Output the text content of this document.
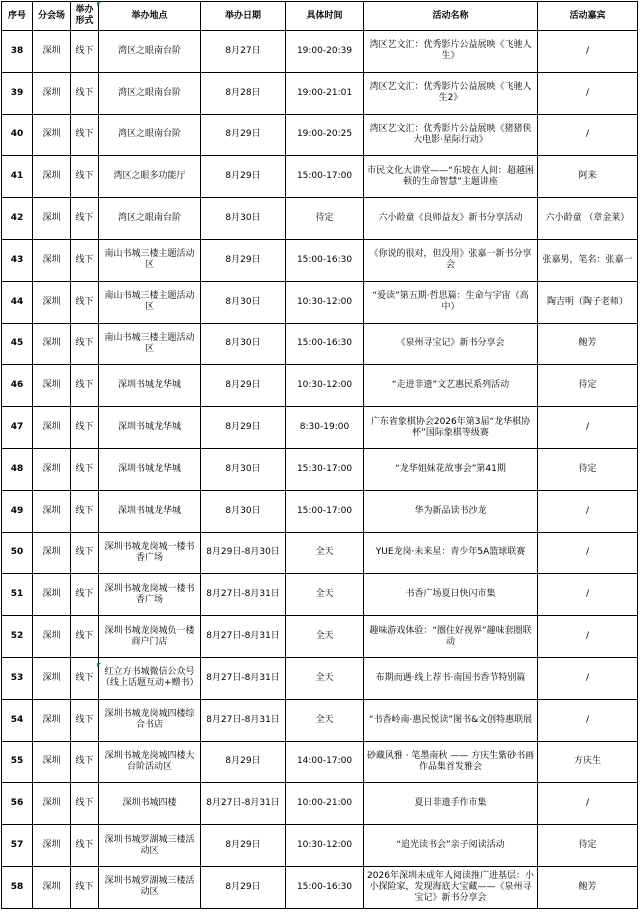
序号	分会场	举办形式	举办地点	举办日期	具体时间	活动名称	活动嘉宾
38	深圳	线下	湾区之眼南台阶	8月27日	19:00-20:39	湾区艺文汇：优秀影片公益展映《飞驰人生》	/
39	深圳	线下	湾区之眼南台阶	8月28日	19:00-21:01	湾区艺文汇：优秀影片公益展映《飞驰人生2》	/
40	深圳	线下	湾区之眼南台阶	8月29日	19:00-20:25	湾区艺文汇：优秀影片公益展映《猪猪侠大电影·星际行动》	/
41	深圳	线下	湾区之眼多功能厅	8月29日	15:00-17:00	市民文化大讲堂——“东坡在人间：超越困顿的生命智慧”主题讲座	阿来
42	深圳	线下	湾区之眼南台阶	8月30日	待定	六小龄童《良师益友》新书分享活动	六小龄童 （章金莱）
43	深圳	线下	南山书城三楼主题活动区	8月29日	15:00-16:30	《你说的很对，但没用》张嘉一新书分享会	张嘉男，笔名：张嘉一
44	深圳	线下	南山书城三楼主题活动区	8月30日	10:30-12:00	“爱读”第五期·哲思篇：生命与宇宙（高中）	陶吉明（陶子老师）
45	深圳	线下	南山书城三楼主题活动区	8月30日	15:00-16:30	《泉州寻宝记》新书分享会	鲍芳
46	深圳	线下	深圳书城龙华城	8月29日	10:30-12:00	“走进非遗”文艺惠民系列活动	待定
47	深圳	线下	深圳书城龙华城	8月29日	8:30-19:00	广东省象棋协会2026年第3届“龙华棋协杯”国际象棋等级赛	/
48	深圳	线下	深圳书城龙华城	8月30日	15:30-17:00	“龙华姐妹花故事会”第41期	待定
49	深圳	线下	深圳书城龙华城	8月30日	15:00-17:00	华为新品读书沙龙	/
50	深圳	线下	深圳书城龙岗城一楼书香广场	8月29日-8月30日	全天	YUE龙岗·未来星：青少年5A篮球联赛	/
51	深圳	线下	深圳书城龙岗城一楼书香广场	8月27日-8月31日	全天	书香广场夏日快闪市集	/
52	深圳	线下	深圳书城龙岗城负一楼商户门店	8月27日-8月31日	全天	趣味游戏体验：“圈住好视界”趣味套圈联动	/
53	深圳	线下	红立方书城微信公众号（线上话题互动+赠书）	8月27日-8月31日	全天	布期而遇·线上荐书·南国书香节特别篇	/
54	深圳	线下	深圳书城龙岗城四楼综合书店	8月27日-8月31日	全天	“书香岭南·惠民悦读”图书&文创特惠联展	/
55	深圳	线下	深圳书城龙岗城四楼大台阶活动区	8月29日	14:00-17:00	砂藏风雅 · 笔墨南秋 —— 方庆生紫砂书画作品集首发雅会	方庆生
56	深圳	线下	深圳书城四楼	8月27日-8月31日	10:00-21:00	夏日非遗手作市集	/
57	深圳	线下	深圳书城罗湖城三楼活动区	8月29日	10:30-12:00	“追光读书会”亲子阅读活动	待定
58	深圳	线下	深圳书城罗湖城三楼活动区	8月29日	15:00-16:30	2026年深圳未成年人阅读推广进基层：小小探险家，发现海底大宝藏——《泉州寻宝记》新书分享会	鲍芳
